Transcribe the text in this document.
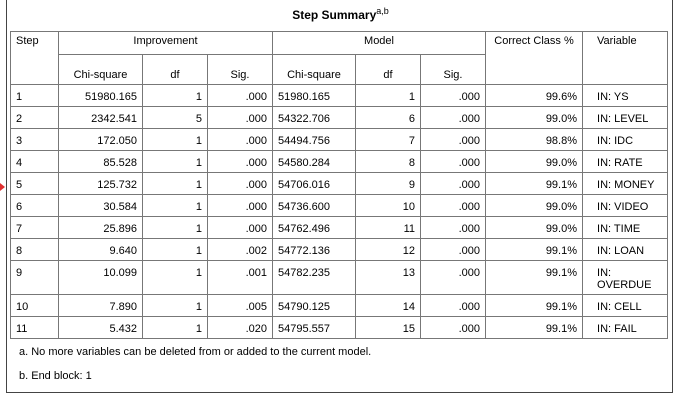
Step Summary$^{a,b}$
Step	Improvement			Model			Correct Class %	Variable
	Chi-square	df	Sig.	Chi-square	df	Sig.		
1	51980.165	1	.000	51980.165	1	.000	99.6%	IN: YS
2	2342.541	5	.000	54322.706	6	.000	99.0%	IN: LEVEL
3	172.050	1	.000	54494.756	7	.000	98.8%	IN: IDC
4	85.528	1	.000	54580.284	8	.000	99.0%	IN: RATE
5	125.732	1	.000	54706.016	9	.000	99.1%	IN: MONEY
6	30.584	1	.000	54736.600	10	.000	99.0%	IN: VIDEO
7	25.896	1	.000	54762.496	11	.000	99.0%	IN: TIME
8	9.640	1	.002	54772.136	12	.000	99.1%	IN: LOAN
9	10.099	1	.001	54782.235	13	.000	99.1%	IN: OVERDUE
10	7.890	1	.005	54790.125	14	.000	99.1%	IN: CELL
11	5.432	1	.020	54795.557	15	.000	99.1%	IN: FAIL
a. No more variables can be deleted from or added to the current model.
b. End block: 1
